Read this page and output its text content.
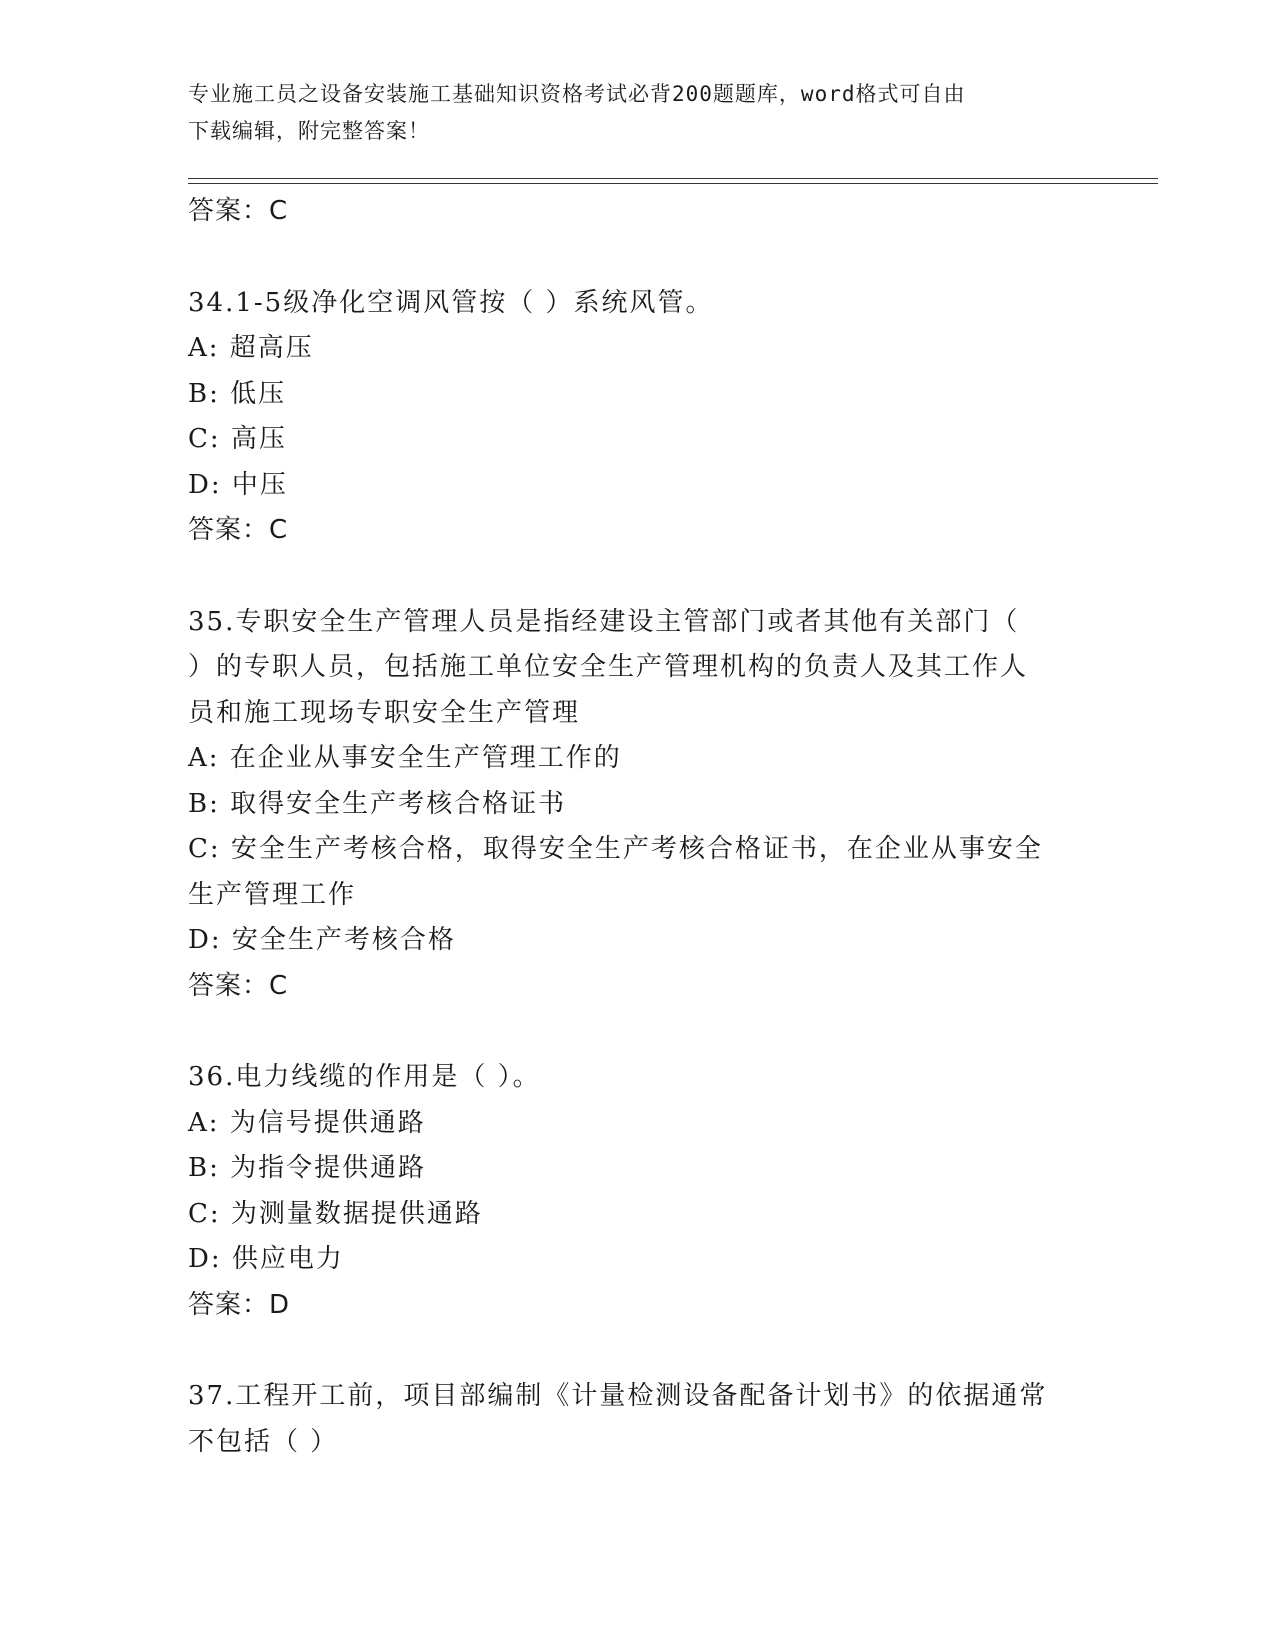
专业施工员之设备安装施工基础知识资格考试必背200题题库，word格式可自由
下载编辑，附完整答案！
答案：C
34.1-5级净化空调风管按（ ）系统风管。
A: 超高压
B: 低压
C: 高压
D: 中压
答案：C
35.专职安全生产管理人员是指经建设主管部门或者其他有关部门（
）的专职人员，包括施工单位安全生产管理机构的负责人及其工作人
员和施工现场专职安全生产管理
A: 在企业从事安全生产管理工作的
B: 取得安全生产考核合格证书
C: 安全生产考核合格，取得安全生产考核合格证书，在企业从事安全
生产管理工作
D: 安全生产考核合格
答案：C
36.电力线缆的作用是（ ）。
A: 为信号提供通路
B: 为指令提供通路
C: 为测量数据提供通路
D: 供应电力
答案：D
37.工程开工前，项目部编制《计量检测设备配备计划书》的依据通常
不包括（ ）
